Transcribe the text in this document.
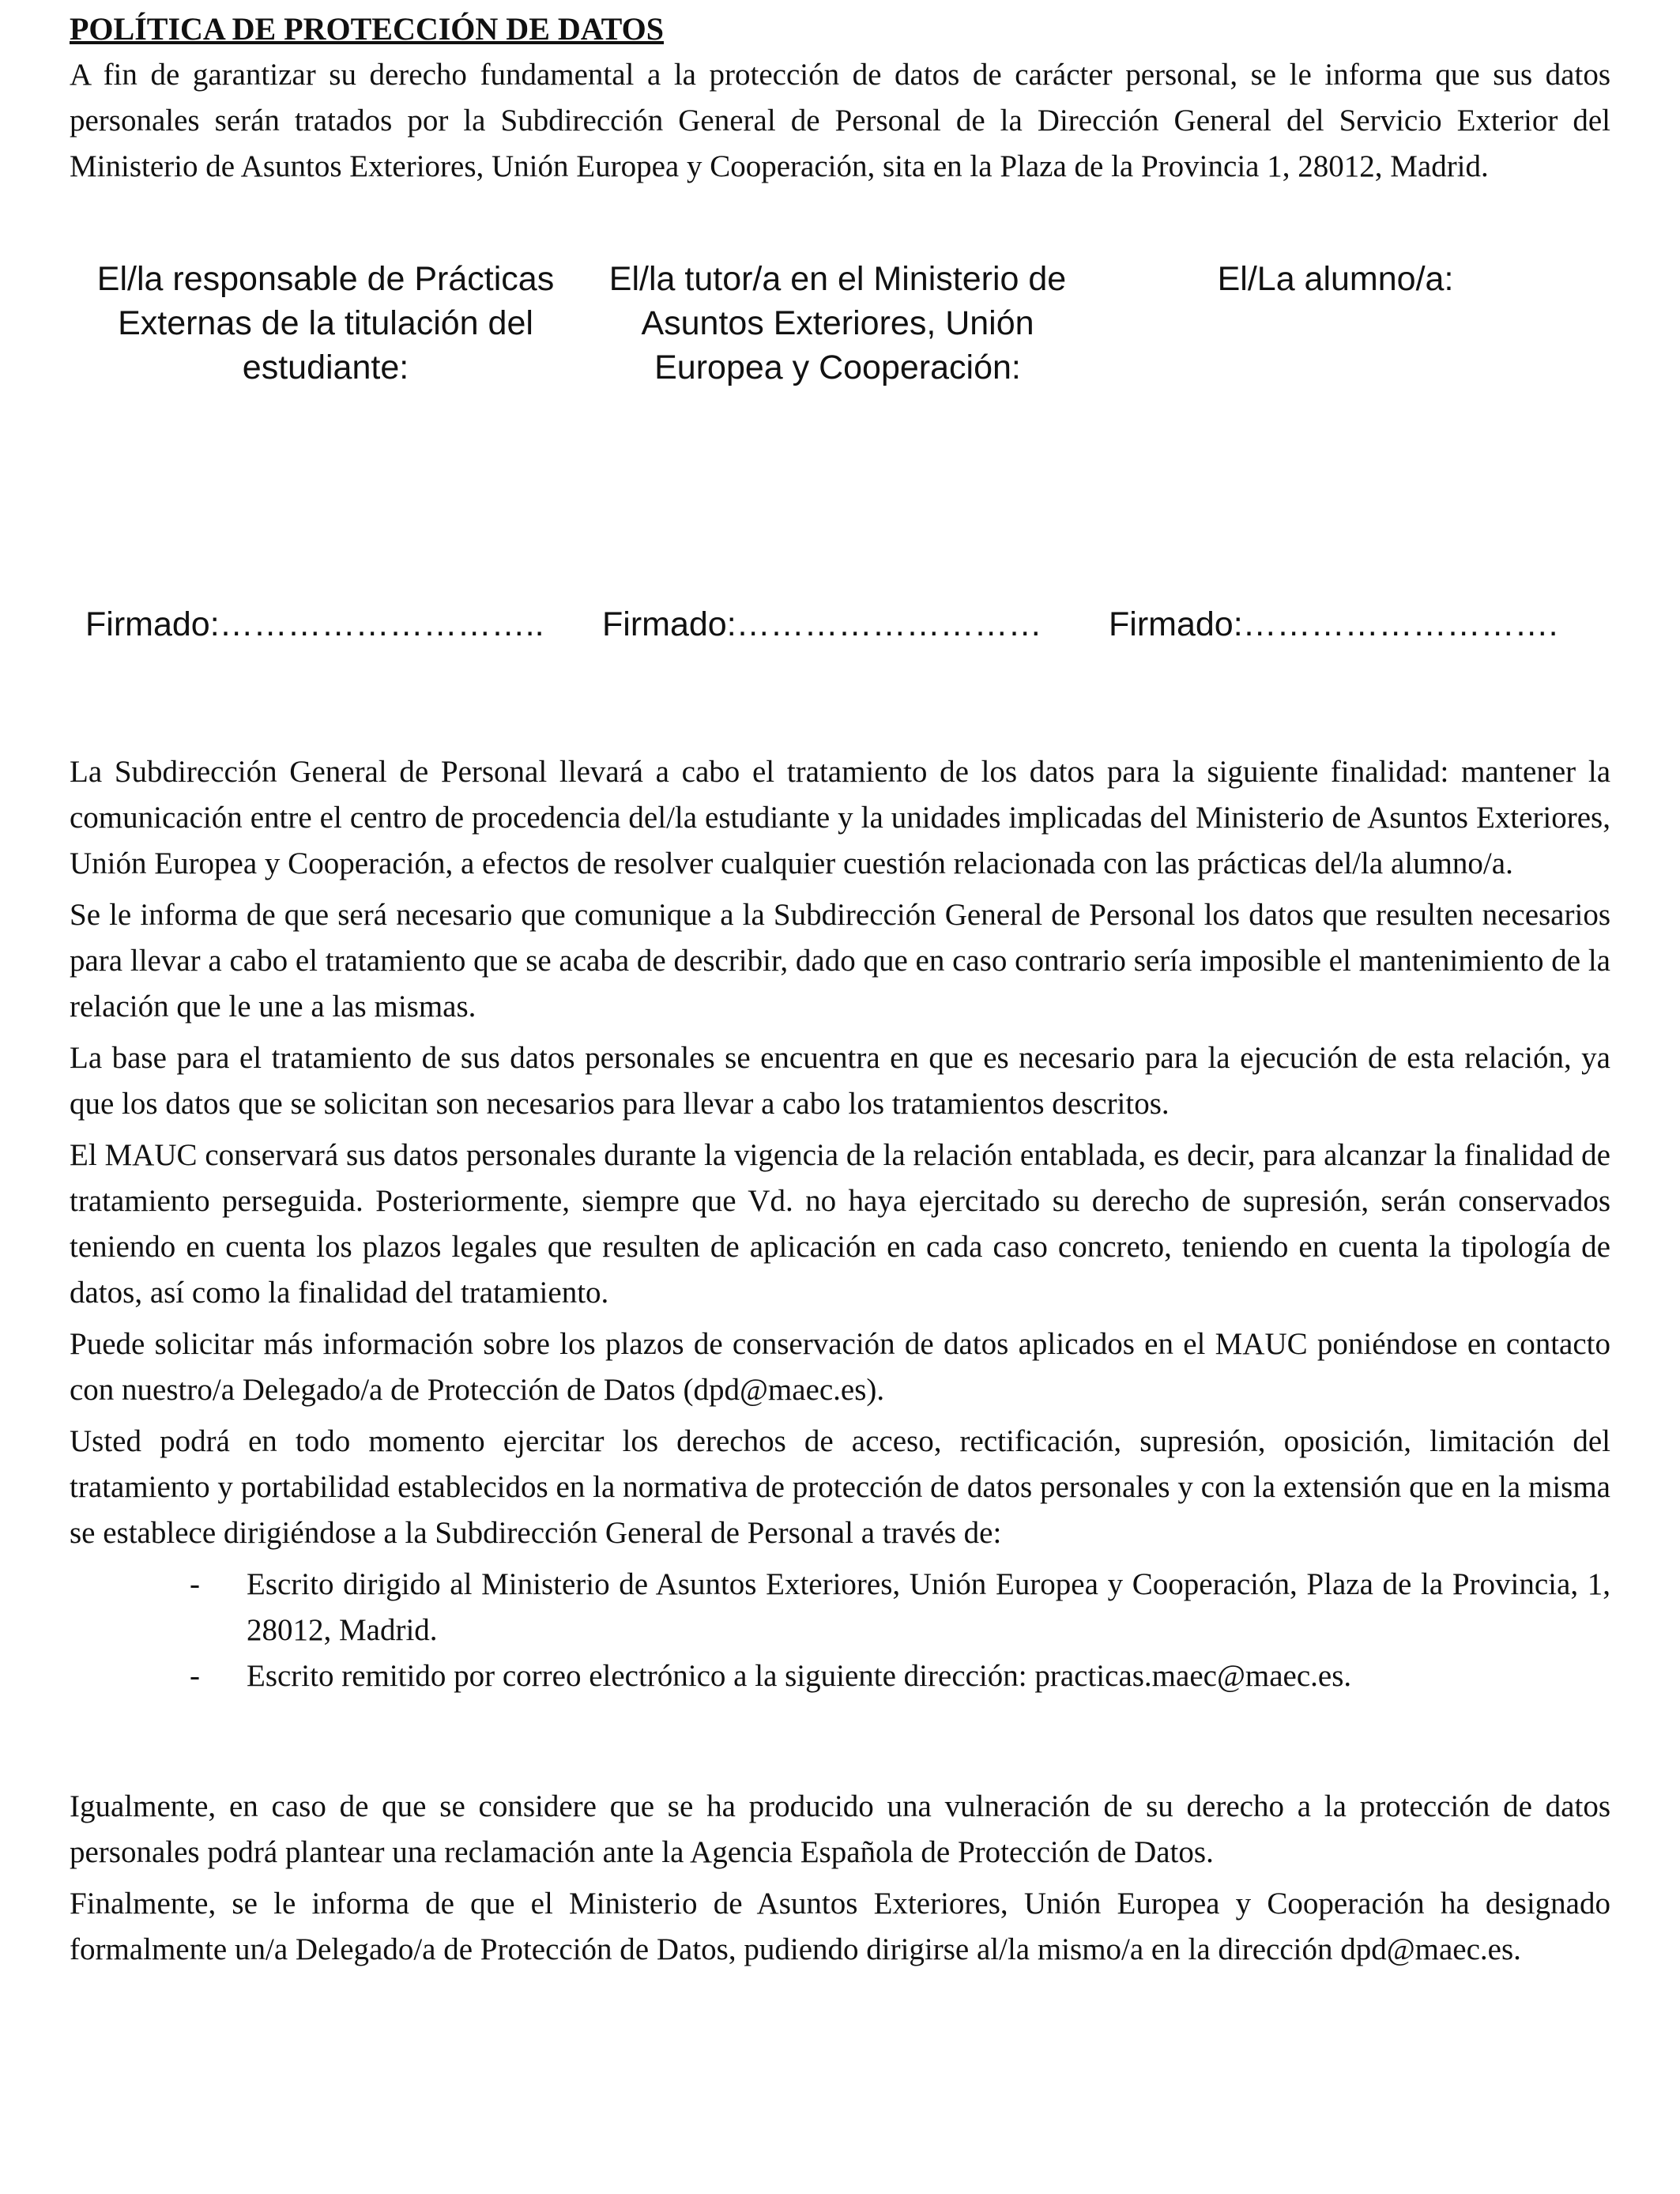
POLÍTICA DE PROTECCIÓN DE DATOS

A fin de garantizar su derecho fundamental a la protección de datos de carácter personal, se le informa que sus datos personales serán tratados por la Subdirección General de Personal de la Dirección General del Servicio Exterior del Ministerio de Asuntos Exteriores, Unión Europea y Cooperación, sita en la Plaza de la Provincia 1, 28012, Madrid.

El/la responsable de Prácticas
Externas de la titulación del
estudiante:
El/la tutor/a en el Ministerio de
Asuntos Exteriores, Unión
Europea y Cooperación:
El/La alumno/a:
Firmado:……………………….. Firmado:……………………… Firmado:……………………….

La Subdirección General de Personal llevará a cabo el tratamiento de los datos para la siguiente finalidad: mantener la comunicación entre el centro de procedencia del/la estudiante y la unidades implicadas del Ministerio de Asuntos Exteriores, Unión Europea y Cooperación, a efectos de resolver cualquier cuestión relacionada con las prácticas del/la alumno/a.

Se le informa de que será necesario que comunique a la Subdirección General de Personal los datos que resulten necesarios para llevar a cabo el tratamiento que se acaba de describir, dado que en caso contrario sería imposible el mantenimiento de la relación que le une a las mismas.

La base para el tratamiento de sus datos personales se encuentra en que es necesario para la ejecución de esta relación, ya que los datos que se solicitan son necesarios para llevar a cabo los tratamientos descritos.

El MAUC conservará sus datos personales durante la vigencia de la relación entablada, es decir, para alcanzar la finalidad de tratamiento perseguida. Posteriormente, siempre que Vd. no haya ejercitado su derecho de supresión, serán conservados teniendo en cuenta los plazos legales que resulten de aplicación en cada caso concreto, teniendo en cuenta la tipología de datos, así como la finalidad del tratamiento.

Puede solicitar más información sobre los plazos de conservación de datos aplicados en el MAUC poniéndose en contacto con nuestro/a Delegado/a de Protección de Datos (dpd@maec.es).

Usted podrá en todo momento ejercitar los derechos de acceso, rectificación, supresión, oposición, limitación del tratamiento y portabilidad establecidos en la normativa de protección de datos personales y con la extensión que en la misma se establece dirigiéndose a la Subdirección General de Personal a través de:

- Escrito dirigido al Ministerio de Asuntos Exteriores, Unión Europea y Cooperación, Plaza de la Provincia, 1, 28012, Madrid.
- Escrito remitido por correo electrónico a la siguiente dirección: practicas.maec@maec.es.

Igualmente, en caso de que se considere que se ha producido una vulneración de su derecho a la protección de datos personales podrá plantear una reclamación ante la Agencia Española de Protección de Datos.

Finalmente, se le informa de que el Ministerio de Asuntos Exteriores, Unión Europea y Cooperación ha designado formalmente un/a Delegado/a de Protección de Datos, pudiendo dirigirse al/la mismo/a en la dirección dpd@maec.es.
